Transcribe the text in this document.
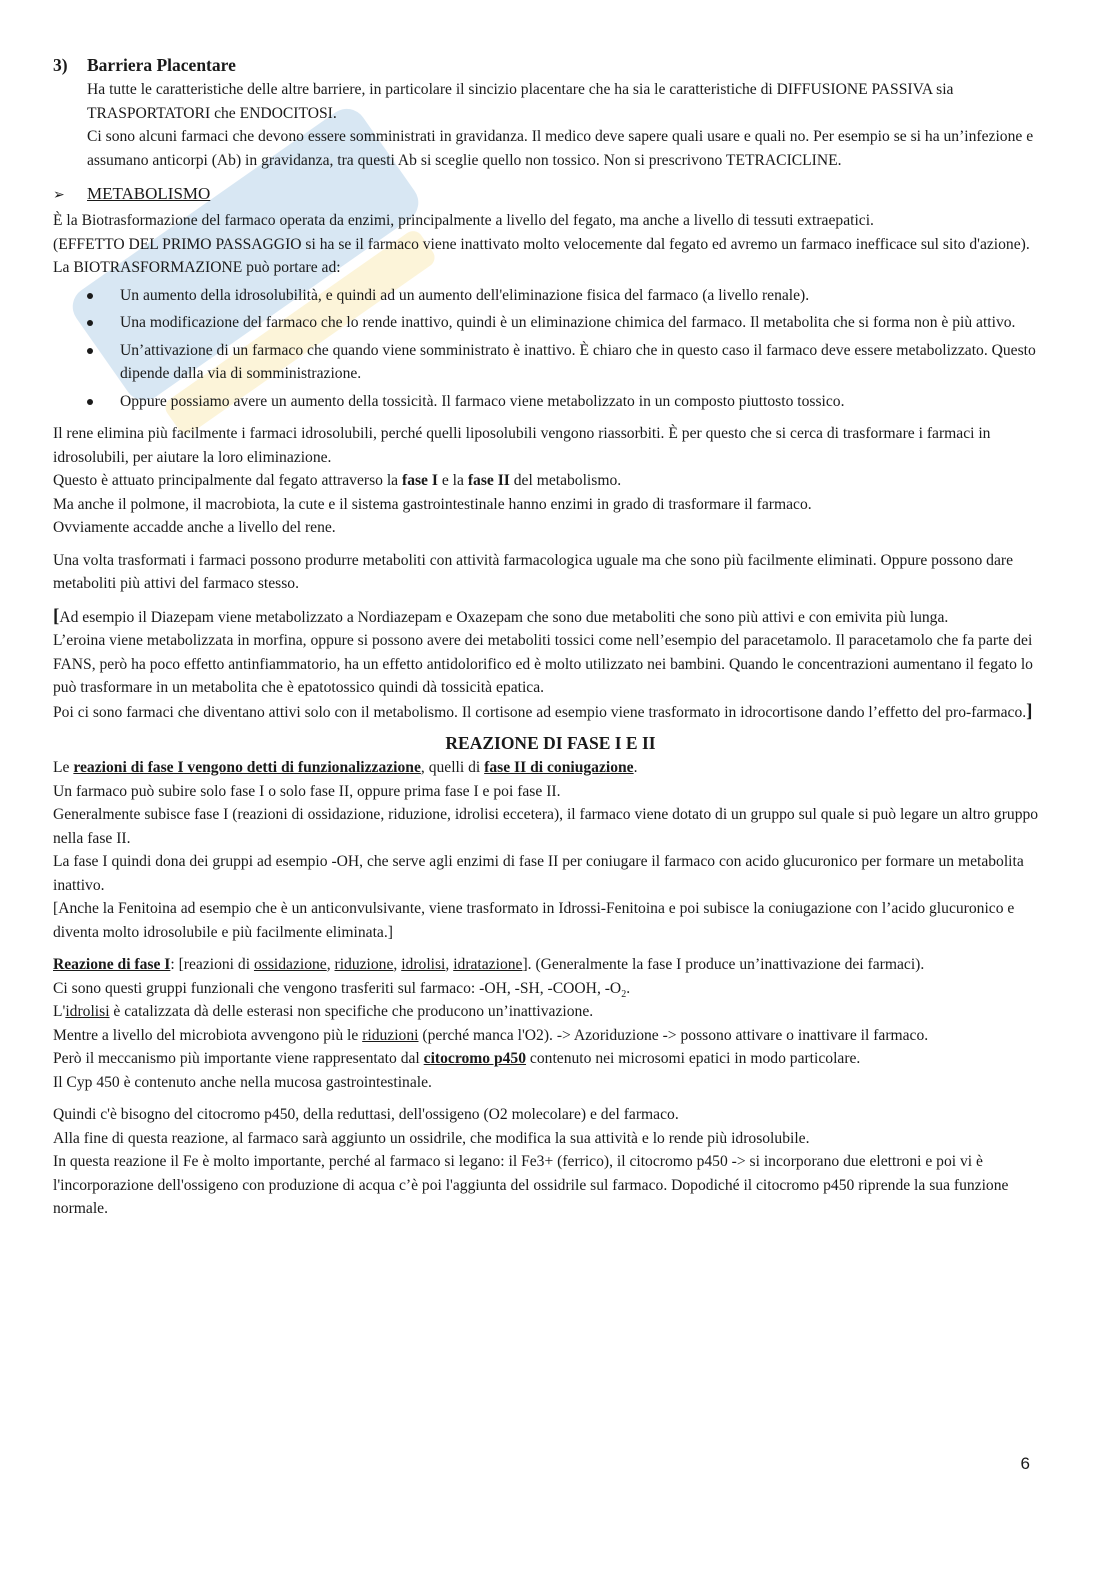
3) Barriera Placentare

Ha tutte le caratteristiche delle altre barriere, in particolare il sincizio placentare che ha sia le caratteristiche di DIFFUSIONE PASSIVA sia TRASPORTATORI che ENDOCITOSI.

Ci sono alcuni farmaci che devono essere somministrati in gravidanza. Il medico deve sapere quali usare e quali no. Per esempio se si ha un’infezione e assumano anticorpi (Ab) in gravidanza, tra questi Ab si sceglie quello non tossico. Non si prescrivono TETRACICLINE.

➢ METABOLISMO

È la Biotrasformazione del farmaco operata da enzimi, principalmente a livello del fegato, ma anche a livello di tessuti extraepatici.

(EFFETTO DEL PRIMO PASSAGGIO si ha se il farmaco viene inattivato molto velocemente dal fegato ed avremo un farmaco inefficace sul sito d'azione).

La BIOTRASFORMAZIONE può portare ad:

Un aumento della idrosolubilità, e quindi ad un aumento dell'eliminazione fisica del farmaco (a livello renale).
Una modificazione del farmaco che lo rende inattivo, quindi è un eliminazione chimica del farmaco. Il metabolita che si forma non è più attivo.
Un’attivazione di un farmaco che quando viene somministrato è inattivo. È chiaro che in questo caso il farmaco deve essere metabolizzato. Questo dipende dalla via di somministrazione.
Oppure possiamo avere un aumento della tossicità. Il farmaco viene metabolizzato in un composto piuttosto tossico.

Il rene elimina più facilmente i farmaci idrosolubili, perché quelli liposolubili vengono riassorbiti. È per questo che si cerca di trasformare i farmaci in idrosolubili, per aiutare la loro eliminazione.

Questo è attuato principalmente dal fegato attraverso la fase I e la fase II del metabolismo.

Ma anche il polmone, il macrobiota, la cute e il sistema gastrointestinale hanno enzimi in grado di trasformare il farmaco.

Ovviamente accadde anche a livello del rene.

Una volta trasformati i farmaci possono produrre metaboliti con attività farmacologica uguale ma che sono più facilmente eliminati. Oppure possono dare metaboliti più attivi del farmaco stesso.

[Ad esempio il Diazepam viene metabolizzato a Nordiazepam e Oxazepam che sono due metaboliti che sono più attivi e con emivita più lunga.

L’eroina viene metabolizzata in morfina, oppure si possono avere dei metaboliti tossici come nell’esempio del paracetamolo. Il paracetamolo che fa parte dei FANS, però ha poco effetto antinfiammatorio, ha un effetto antidolorifico ed è molto utilizzato nei bambini. Quando le concentrazioni aumentano il fegato lo può trasformare in un metabolita che è epatotossico quindi dà tossicità epatica.

Poi ci sono farmaci che diventano attivi solo con il metabolismo. Il cortisone ad esempio viene trasformato in idrocortisone dando l’effetto del pro-farmaco.]

REAZIONE DI FASE I E II

Le reazioni di fase I vengono detti di funzionalizzazione, quelli di fase II di coniugazione.

Un farmaco può subire solo fase I o solo fase II, oppure prima fase I e poi fase II.

Generalmente subisce fase I (reazioni di ossidazione, riduzione, idrolisi eccetera), il farmaco viene dotato di un gruppo sul quale si può legare un altro gruppo nella fase II.

La fase I quindi dona dei gruppi ad esempio -OH, che serve agli enzimi di fase II per coniugare il farmaco con acido glucuronico per formare un metabolita inattivo.

[Anche la Fenitoina ad esempio che è un anticonvulsivante, viene trasformato in Idrossi-Fenitoina e poi subisce la coniugazione con l’acido glucuronico e diventa molto idrosolubile e più facilmente eliminata.]

Reazione di fase I: [reazioni di ossidazione, riduzione, idrolisi, idratazione]. (Generalmente la fase I produce un’inattivazione dei farmaci).

Ci sono questi gruppi funzionali che vengono trasferiti sul farmaco: -OH, -SH, -COOH, $-O_2$.

L'idrolisi è catalizzata dà delle esterasi non specifiche che producono un’inattivazione.

Mentre a livello del microbiota avvengono più le riduzioni (perché manca l'O2). -> Azoriduzione -> possono attivare o inattivare il farmaco.

Però il meccanismo più importante viene rappresentato dal citocromo p450 contenuto nei microsomi epatici in modo particolare.

Il Cyp 450 è contenuto anche nella mucosa gastrointestinale.

Quindi c'è bisogno del citocromo p450, della reduttasi, dell'ossigeno (O2 molecolare) e del farmaco.

Alla fine di questa reazione, al farmaco sarà aggiunto un ossidrile, che modifica la sua attività e lo rende più idrosolubile.

In questa reazione il Fe è molto importante, perché al farmaco si legano: il Fe3+ (ferrico), il citocromo p450 -> si incorporano due elettroni e poi vi è l'incorporazione dell'ossigeno con produzione di acqua c’è poi l'aggiunta del ossidrile sul farmaco. Dopodiché il citocromo p450 riprende la sua funzione normale.

6
